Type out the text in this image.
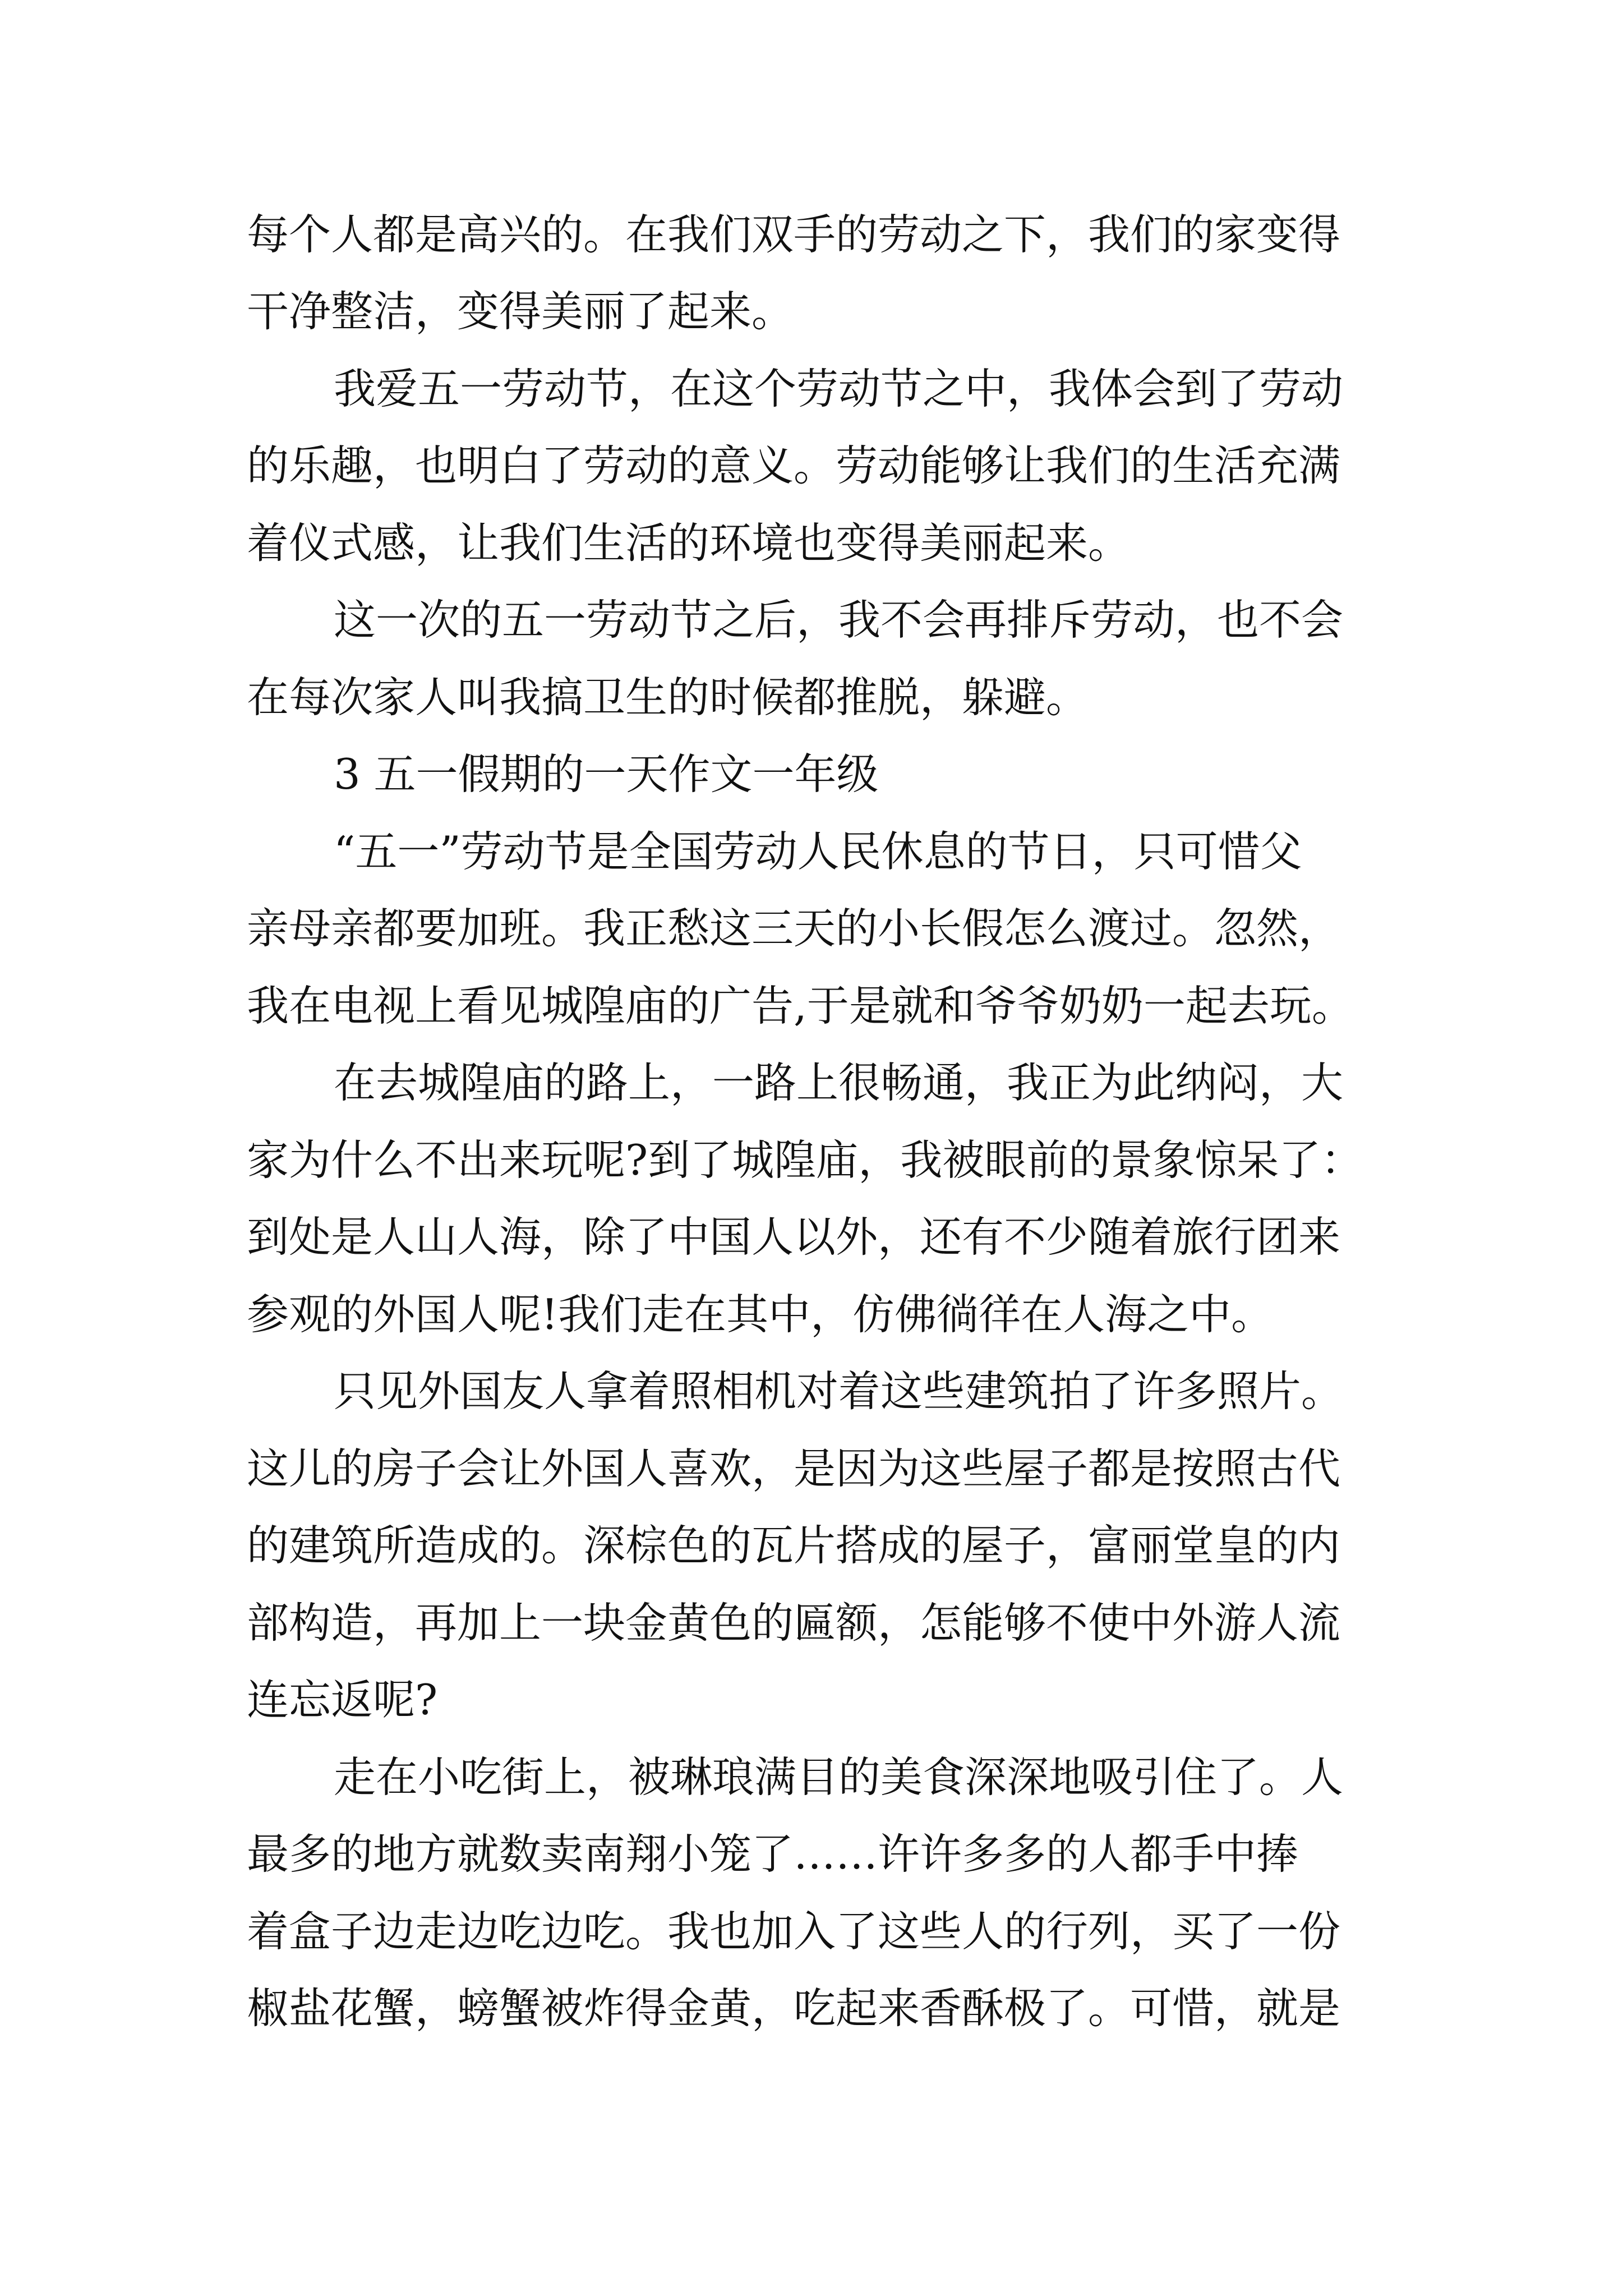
每个人都是高兴的。在我们双手的劳动之下，我们的家变得

干净整洁，变得美丽了起来。

我爱五一劳动节，在这个劳动节之中，我体会到了劳动

的乐趣，也明白了劳动的意义。劳动能够让我们的生活充满

着仪式感，让我们生活的环境也变得美丽起来。

这一次的五一劳动节之后，我不会再排斥劳动，也不会

在每次家人叫我搞卫生的时候都推脱，躲避。

3 五一假期的一天作文一年级

“五一”劳动节是全国劳动人民休息的节日，只可惜父

亲母亲都要加班。我正愁这三天的小长假怎么渡过。忽然，

我在电视上看见城隍庙的广告,于是就和爷爷奶奶一起去玩。

在去城隍庙的路上，一路上很畅通，我正为此纳闷，大

家为什么不出来玩呢?到了城隍庙，我被眼前的景象惊呆了：

到处是人山人海，除了中国人以外，还有不少随着旅行团来

参观的外国人呢!我们走在其中，仿佛徜徉在人海之中。

只见外国友人拿着照相机对着这些建筑拍了许多照片。

这儿的房子会让外国人喜欢，是因为这些屋子都是按照古代

的建筑所造成的。深棕色的瓦片搭成的屋子，富丽堂皇的内

部构造，再加上一块金黄色的匾额，怎能够不使中外游人流

连忘返呢?

走在小吃街上，被琳琅满目的美食深深地吸引住了。人

最多的地方就数卖南翔小笼了……许许多多的人都手中捧

着盒子边走边吃边吃。我也加入了这些人的行列，买了一份

椒盐花蟹，螃蟹被炸得金黄，吃起来香酥极了。可惜，就是
